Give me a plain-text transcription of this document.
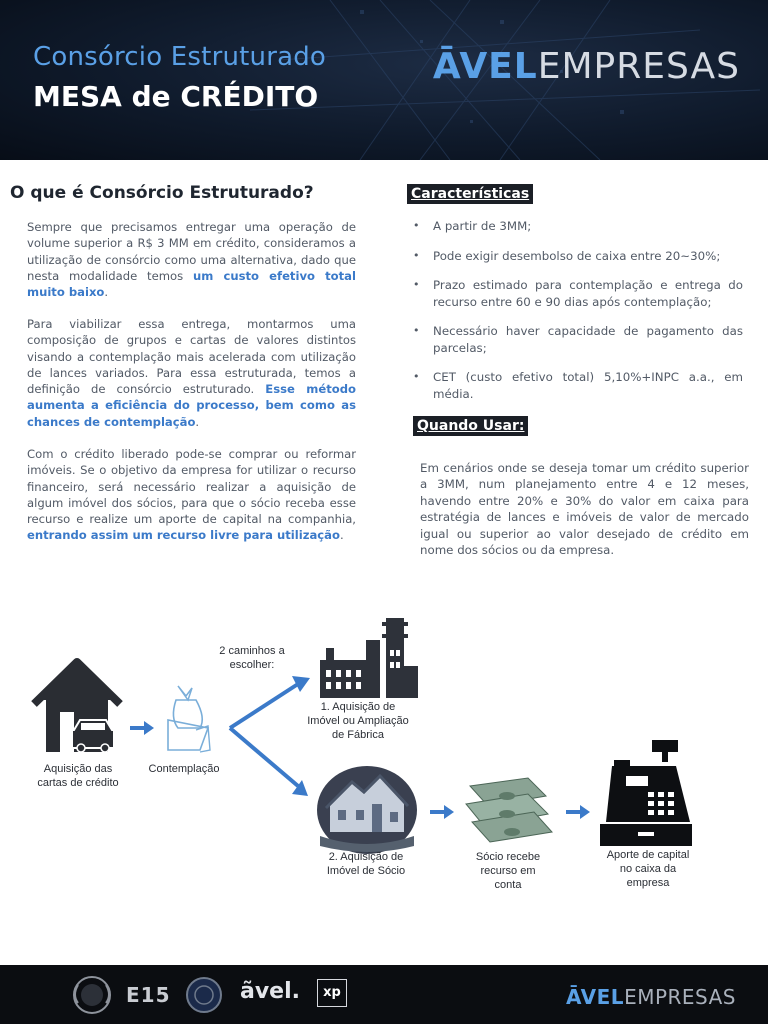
Consórcio Estruturado
MESA de CRÉDITO
ĀVELEMPRESAS
O que é Consórcio Estruturado?
Sempre que precisamos entregar uma operação de volume superior a R$ 3 MM em crédito, consideramos a utilização de consórcio como uma alternativa, dado que nesta modalidade temos um custo efetivo total muito baixo.
Para viabilizar essa entrega, montarmos uma composição de grupos e cartas de valores distintos visando a contemplação mais acelerada com utilização de lances variados. Para essa estruturada, temos a definição de consórcio estruturado. Esse método aumenta a eficiência do processo, bem como as chances de contemplação.
Com o crédito liberado pode-se comprar ou reformar imóveis. Se o objetivo da empresa for utilizar o recurso financeiro, será necessário realizar a aquisição de algum imóvel dos sócios, para que o sócio receba esse recurso e realize um aporte de capital na companhia, entrando assim um recurso livre para utilização.
Características
• A partir de 3MM;
• Pode exigir desembolso de caixa entre 20~30%;
• Prazo estimado para contemplação e entrega do recurso entre 60 e 90 dias após contemplação;
• Necessário haver capacidade de pagamento das parcelas;
• CET (custo efetivo total) 5,10%+INPC a.a., em média.
Quando Usar:
Em cenários onde se deseja tomar um crédito superior a 3MM, num planejamento entre 4 e 12 meses, havendo entre 20% e 30% do valor em caixa para estratégia de lances e imóveis de valor de mercado igual ou superior ao valor desejado de crédito em nome dos sócios ou da empresa.
2 caminhos a escolher:
Aquisição das cartas de crédito
Contemplação
1. Aquisição de Imóvel ou Ampliação de Fábrica
2. Aquisição de Imóvel de Sócio
Sócio recebe recurso em conta
Aporte de capital no caixa da empresa
E15	ãvel.	xp	ĀVELEMPRESAS
